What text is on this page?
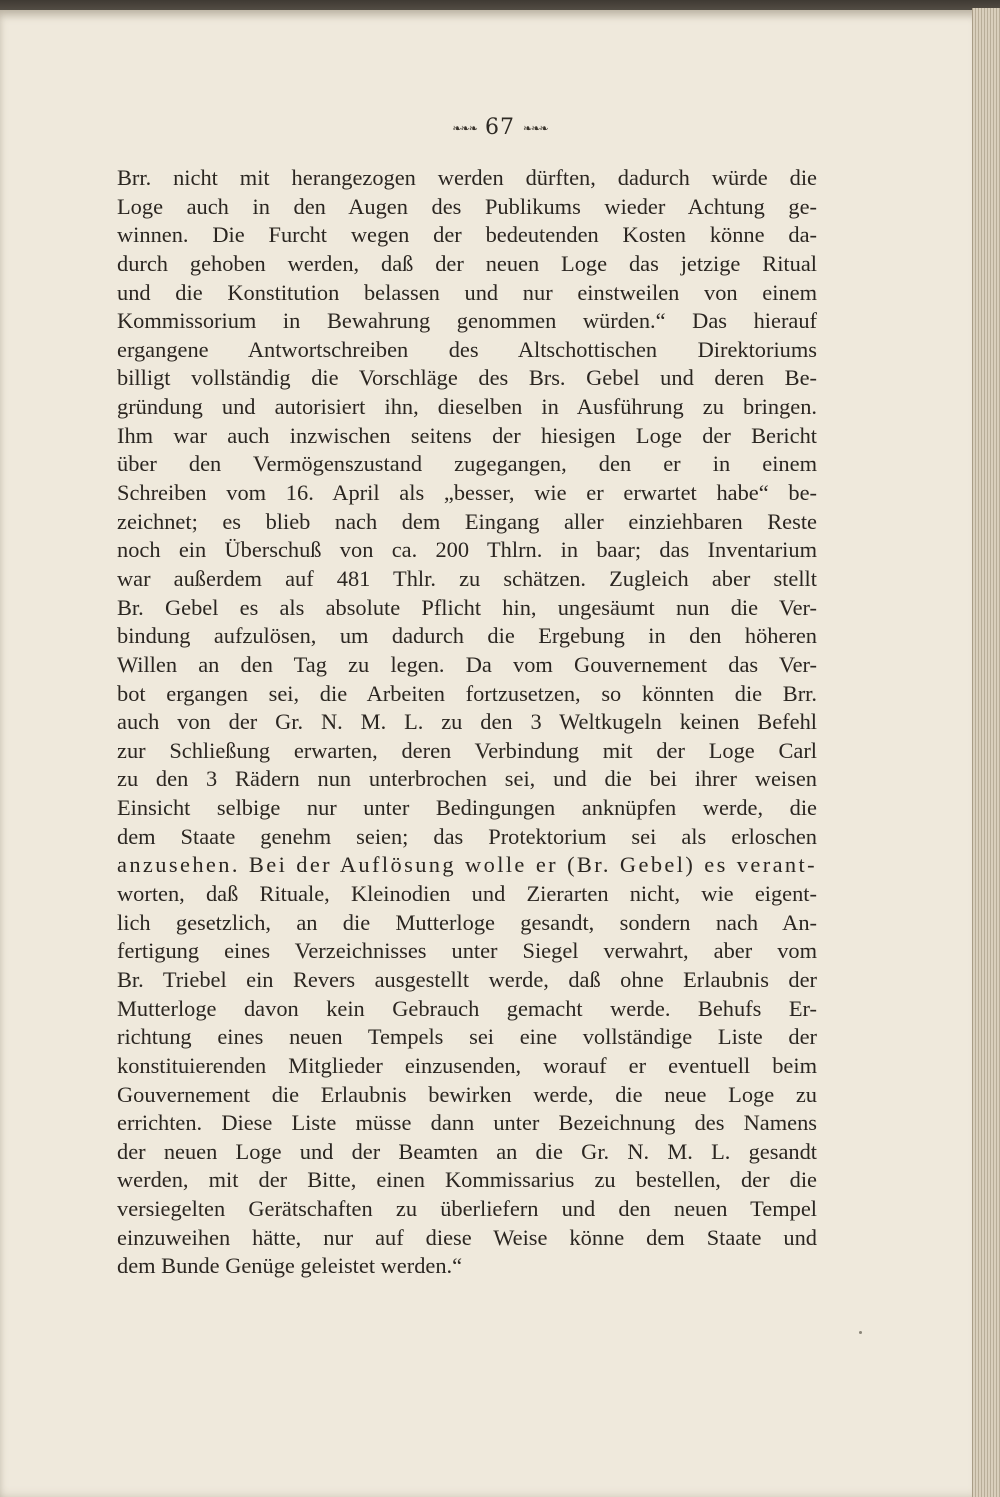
❧❧❧ 67 ❧❧❧
Brr. nicht mit herangezogen werden dürften, dadurch würde die
Loge auch in den Augen des Publikums wieder Achtung ge-
winnen. Die Furcht wegen der bedeutenden Kosten könne da-
durch gehoben werden, daß der neuen Loge das jetzige Ritual
und die Konstitution belassen und nur einstweilen von einem
Kommissorium in Bewahrung genommen würden.“ Das hierauf
ergangene Antwortschreiben des Altschottischen Direktoriums
billigt vollständig die Vorschläge des Brs. Gebel und deren Be-
gründung und autorisiert ihn, dieselben in Ausführung zu bringen.
Ihm war auch inzwischen seitens der hiesigen Loge der Bericht
über den Vermögenszustand zugegangen, den er in einem
Schreiben vom 16. April als „besser, wie er erwartet habe“ be-
zeichnet; es blieb nach dem Eingang aller einziehbaren Reste
noch ein Überschuß von ca. 200 Thlrn. in baar; das Inventarium
war außerdem auf 481 Thlr. zu schätzen. Zugleich aber stellt
Br. Gebel es als absolute Pflicht hin, ungesäumt nun die Ver-
bindung aufzulösen, um dadurch die Ergebung in den höheren
Willen an den Tag zu legen. Da vom Gouvernement das Ver-
bot ergangen sei, die Arbeiten fortzusetzen, so könnten die Brr.
auch von der Gr. N. M. L. zu den 3 Weltkugeln keinen Befehl
zur Schließung erwarten, deren Verbindung mit der Loge Carl
zu den 3 Rädern nun unterbrochen sei, und die bei ihrer weisen
Einsicht selbige nur unter Bedingungen anknüpfen werde, die
dem Staate genehm seien; das Protektorium sei als erloschen
anzusehen. Bei der Auflösung wolle er (Br. Gebel) es verant-
worten, daß Rituale, Kleinodien und Zierarten nicht, wie eigent-
lich gesetzlich, an die Mutterloge gesandt, sondern nach An-
fertigung eines Verzeichnisses unter Siegel verwahrt, aber vom
Br. Triebel ein Revers ausgestellt werde, daß ohne Erlaubnis der
Mutterloge davon kein Gebrauch gemacht werde. Behufs Er-
richtung eines neuen Tempels sei eine vollständige Liste der
konstituierenden Mitglieder einzusenden, worauf er eventuell beim
Gouvernement die Erlaubnis bewirken werde, die neue Loge zu
errichten. Diese Liste müsse dann unter Bezeichnung des Namens
der neuen Loge und der Beamten an die Gr. N. M. L. gesandt
werden, mit der Bitte, einen Kommissarius zu bestellen, der die
versiegelten Gerätschaften zu überliefern und den neuen Tempel
einzuweihen hätte, nur auf diese Weise könne dem Staate und
dem Bunde Genüge geleistet werden.“
